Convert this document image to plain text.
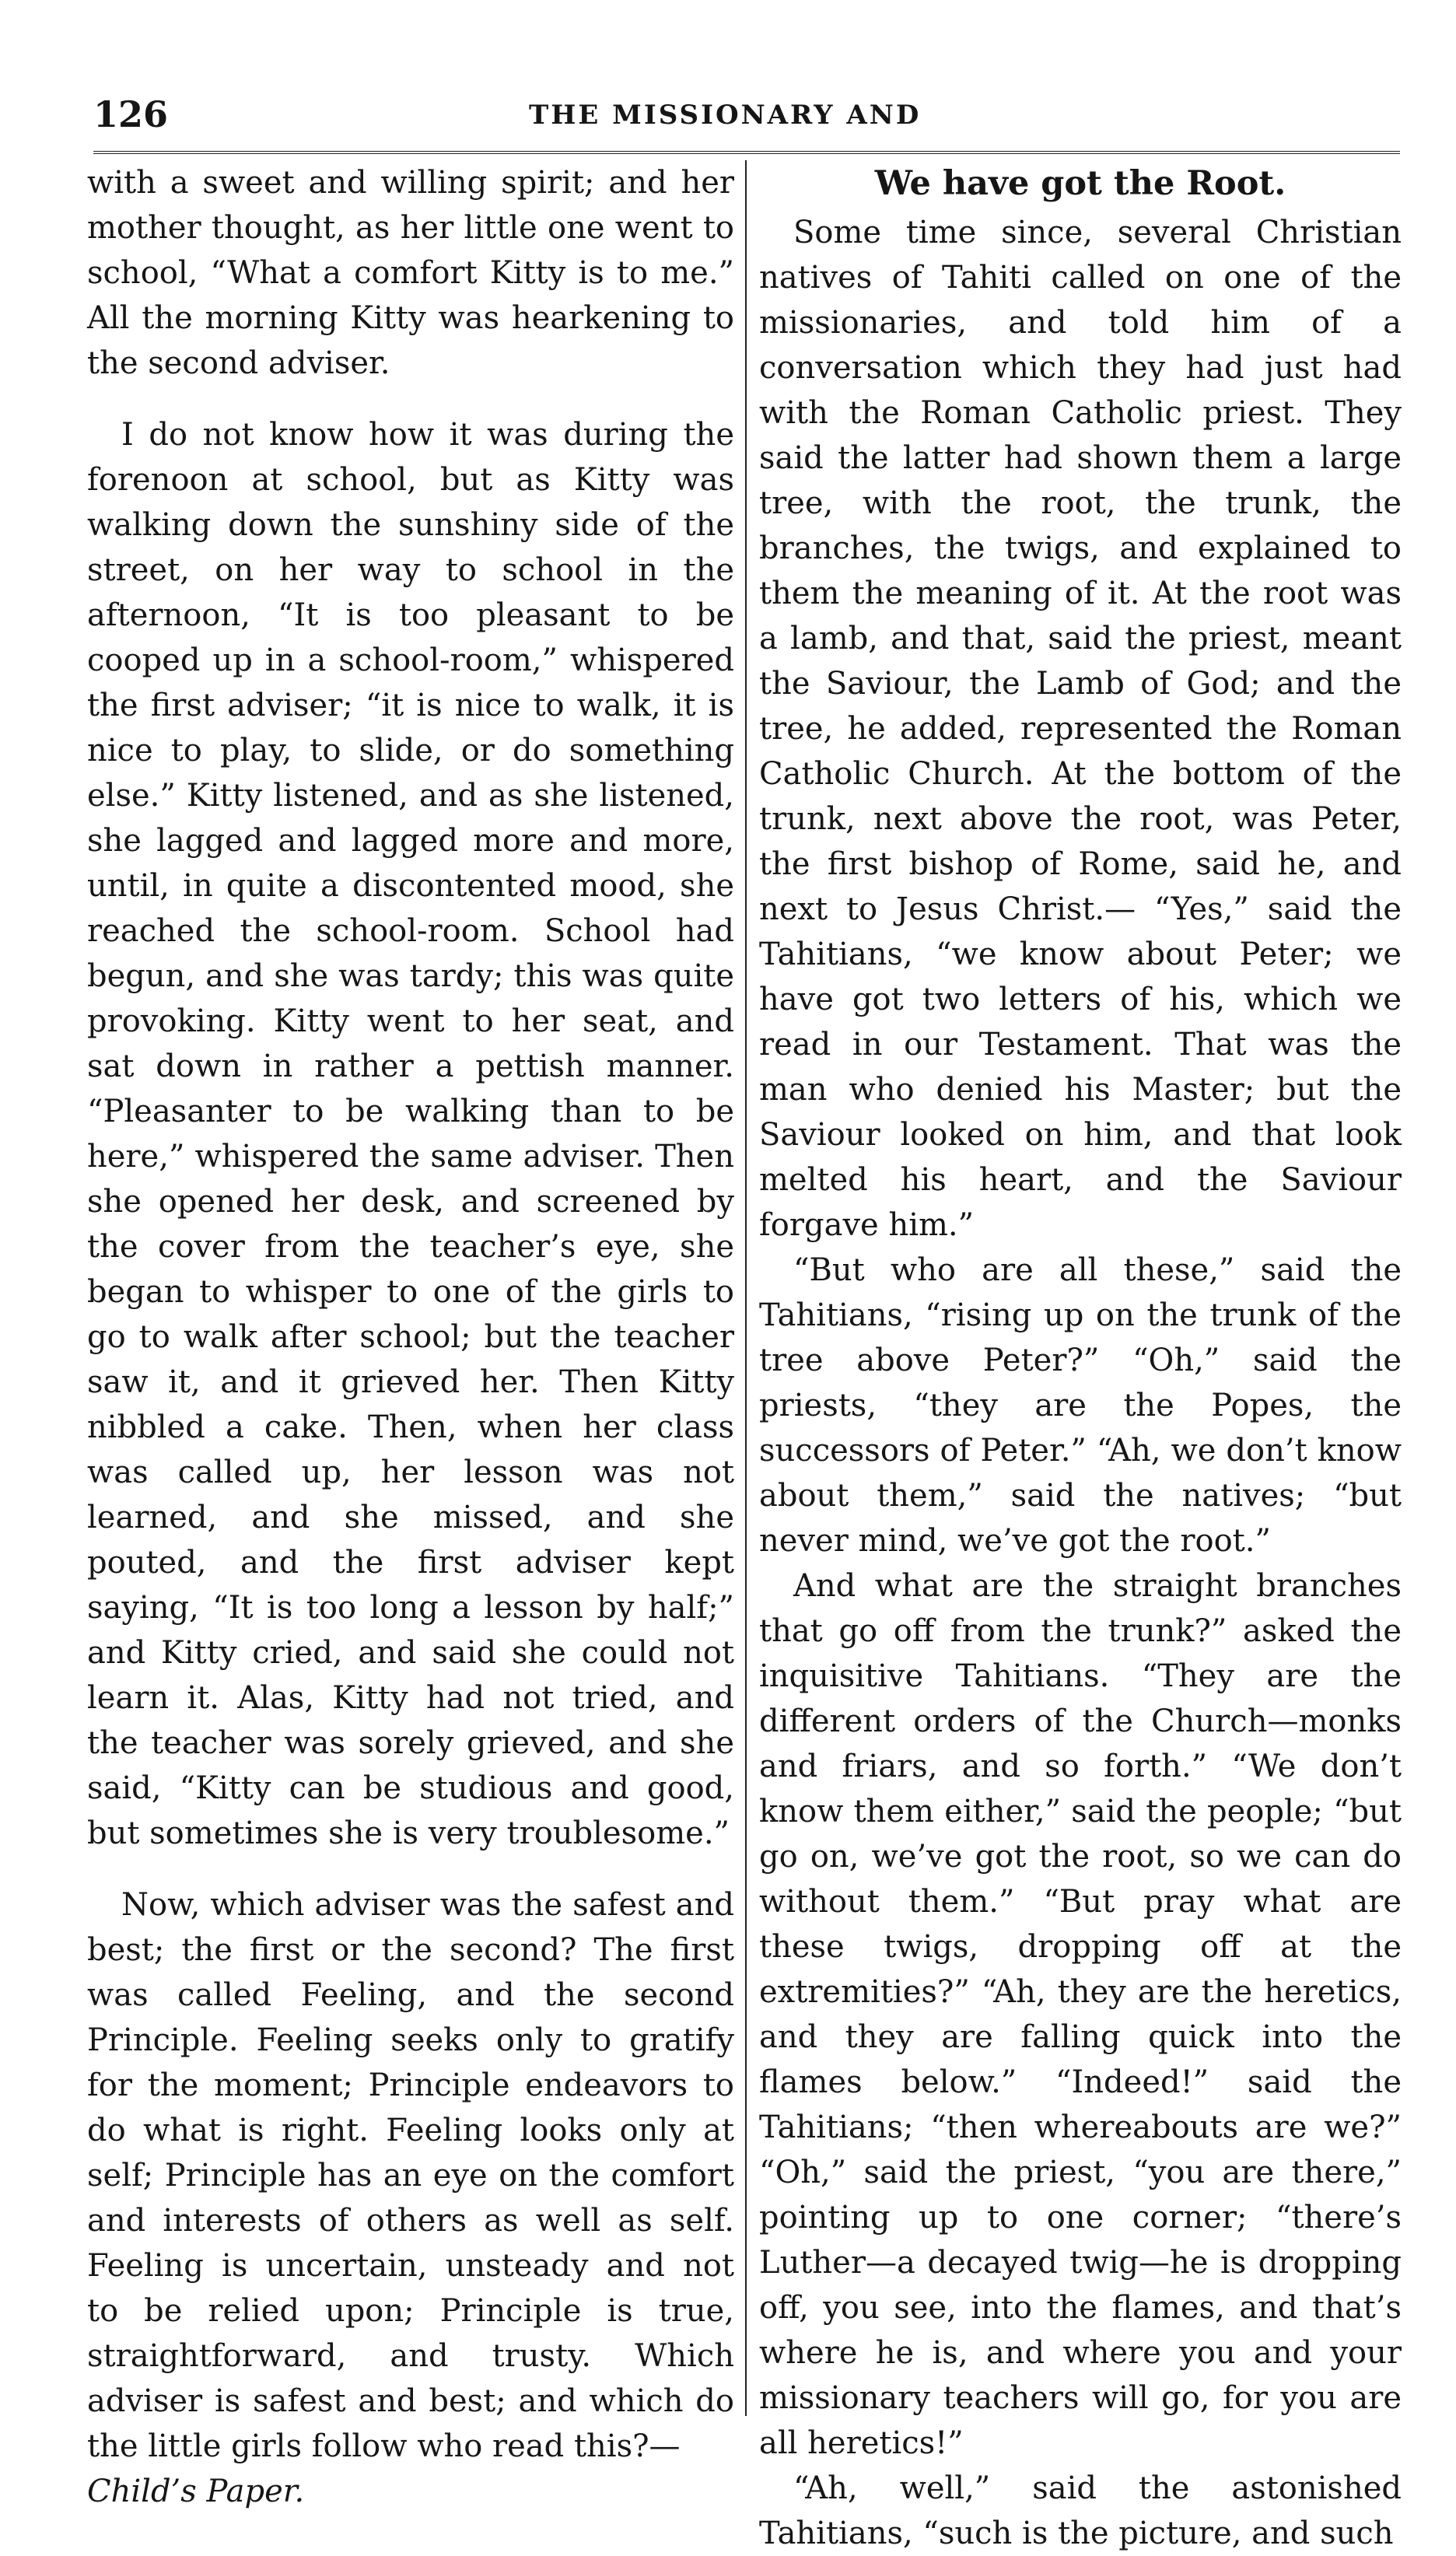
126	THE MISSIONARY AND

with a sweet and willing spirit; and her mother thought, as her little one went to school, “What a comfort Kitty is to me.” All the morning Kitty was hearkening to the second adviser.

I do not know how it was during the forenoon at school, but as Kitty was walking down the sunshiny side of the street, on her way to school in the afternoon, “It is too pleasant to be cooped up in a school-room,” whispered the first adviser; “it is nice to walk, it is nice to play, to slide, or do something else.” Kitty listened, and as she listened, she lagged and lagged more and more, until, in quite a discontented mood, she reached the school-room. School had begun, and she was tardy; this was quite provoking. Kitty went to her seat, and sat down in rather a pettish manner. “Pleasanter to be walking than to be here,” whispered the same adviser. Then she opened her desk, and screened by the cover from the teacher’s eye, she began to whisper to one of the girls to go to walk after school; but the teacher saw it, and it grieved her. Then Kitty nibbled a cake. Then, when her class was called up, her lesson was not learned, and she missed, and she pouted, and the first adviser kept saying, “It is too long a lesson by half;” and Kitty cried, and said she could not learn it. Alas, Kitty had not tried, and the teacher was sorely grieved, and she said, “Kitty can be studious and good, but sometimes she is very troublesome.”

Now, which adviser was the safest and best; the first or the second? The first was called Feeling, and the second Principle. Feeling seeks only to gratify for the moment; Principle endeavors to do what is right. Feeling looks only at self; Principle has an eye on the comfort and interests of others as well as self. Feeling is uncertain, unsteady and not to be relied upon; Principle is true, straightforward, and trusty. Which adviser is safest and best; and which do the little girls follow who read this?—

Child’s Paper.

We have got the Root.

Some time since, several Christian natives of Tahiti called on one of the missionaries, and told him of a conversation which they had just had with the Roman Catholic priest. They said the latter had shown them a large tree, with the root, the trunk, the branches, the twigs, and explained to them the meaning of it. At the root was a lamb, and that, said the priest, meant the Saviour, the Lamb of God; and the tree, he added, represented the Roman Catholic Church. At the bottom of the trunk, next above the root, was Peter, the first bishop of Rome, said he, and next to Jesus Christ.— “Yes,” said the Tahitians, “we know about Peter; we have got two letters of his, which we read in our Testament. That was the man who denied his Master; but the Saviour looked on him, and that look melted his heart, and the Saviour forgave him.”

“But who are all these,” said the Tahitians, “rising up on the trunk of the tree above Peter?” “Oh,” said the priests, “they are the Popes, the successors of Peter.” “Ah, we don’t know about them,” said the natives; “but never mind, we’ve got the root.”

And what are the straight branches that go off from the trunk?” asked the inquisitive Tahitians. “They are the different orders of the Church—monks and friars, and so forth.” “We don’t know them either,” said the people; “but go on, we’ve got the root, so we can do without them.” “But pray what are these twigs, dropping off at the extremities?” “Ah, they are the heretics, and they are falling quick into the flames below.” “Indeed!” said the Tahitians; “then whereabouts are we?” “Oh,” said the priest, “you are there,” pointing up to one corner; “there’s Luther—a decayed twig—he is dropping off, you see, into the flames, and that’s where he is, and where you and your missionary teachers will go, for you are all heretics!”

“Ah, well,” said the astonished Tahitians, “such is the picture, and such
